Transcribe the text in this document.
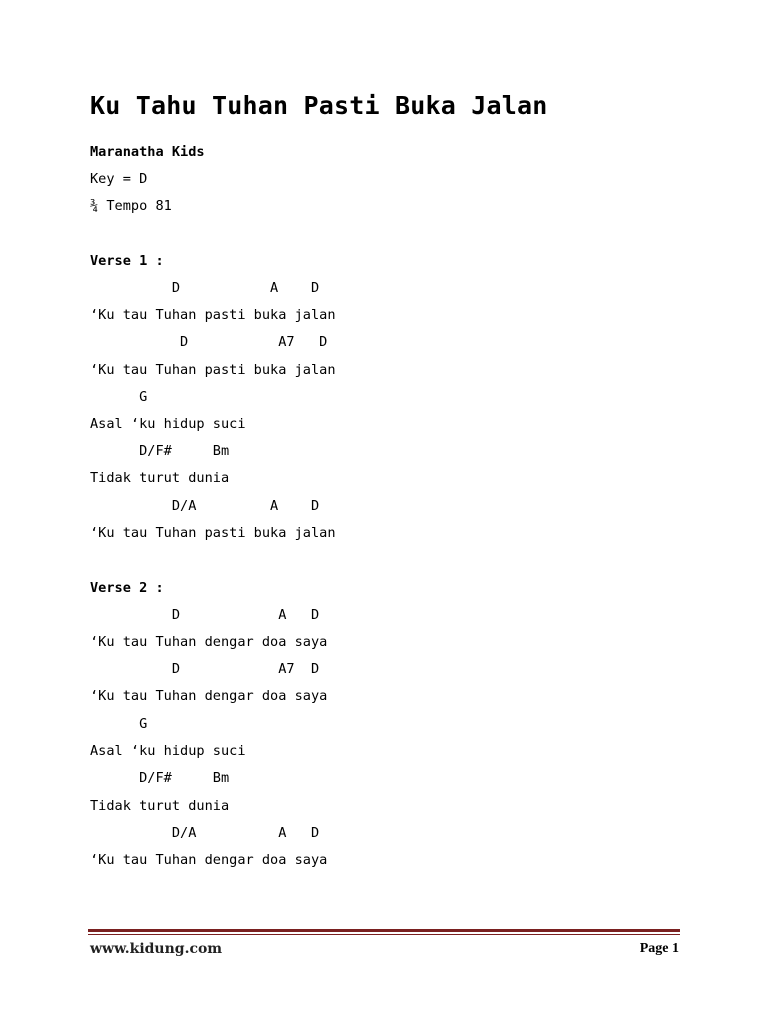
Ku Tahu Tuhan Pasti Buka Jalan
Maranatha Kids
Key = D
¾ Tempo 81
Verse 1 :
D           A    D
‘Ku tau Tuhan pasti buka jalan
D           A7   D
‘Ku tau Tuhan pasti buka jalan
G
Asal ‘ku hidup suci
D/F#     Bm
Tidak turut dunia
D/A         A    D
‘Ku tau Tuhan pasti buka jalan
Verse 2 :
D            A   D
‘Ku tau Tuhan dengar doa saya
D            A7  D
‘Ku tau Tuhan dengar doa saya
G
Asal ‘ku hidup suci
D/F#     Bm
Tidak turut dunia
D/A          A   D
‘Ku tau Tuhan dengar doa saya
www.kidung.com	Page 1
